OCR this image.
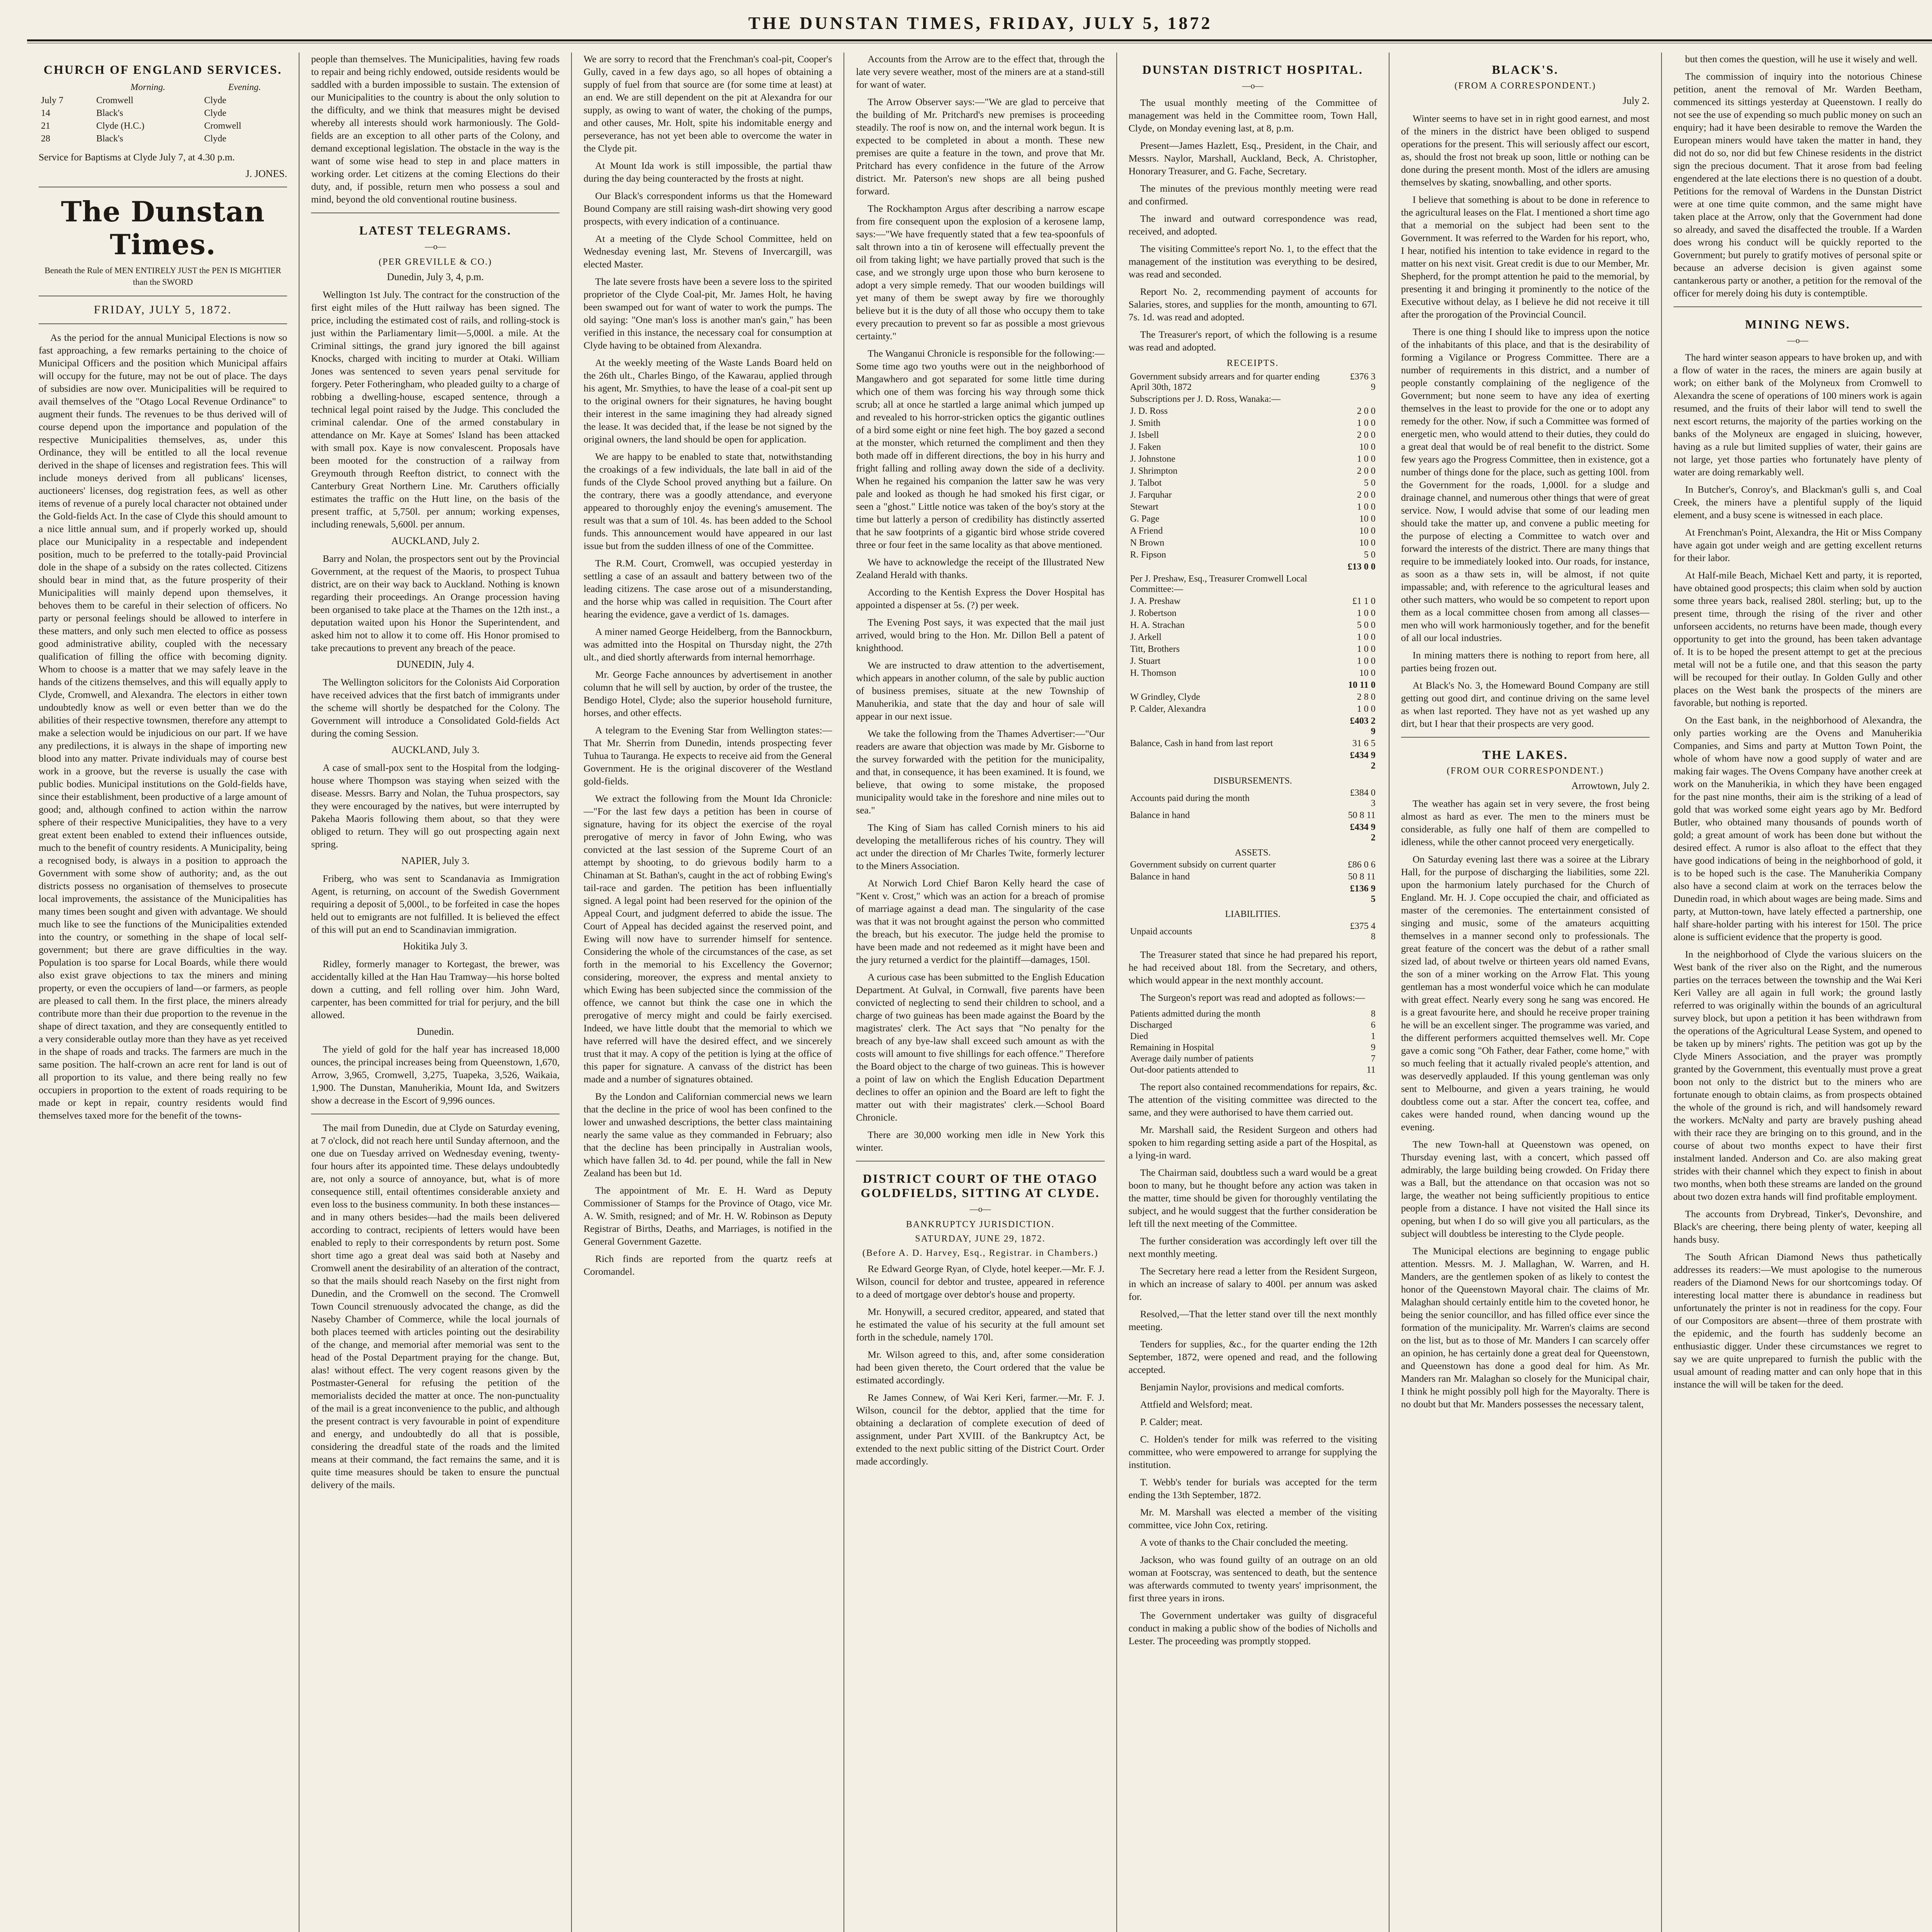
THE DUNSTAN TIMES, FRIDAY, JULY 5, 1872
CHURCH OF ENGLAND SERVICES.
	Morning.	Evening.
July 7	Cromwell	Clyde
14	Black's	Clyde
21	Clyde (H.C.)	Cromwell
28	Black's	Clyde

Service for Baptisms at Clyde July 7, at 4.30 p.m.

J. JONES.
The Dunstan Times.
Beneath the Rule of MEN ENTIRELY JUST the PEN IS MIGHTIER than the SWORD
FRIDAY, JULY 5, 1872.

As the period for the annual Municipal Elections is now so fast approaching, a few remarks pertaining to the choice of Municipal Officers and the position which Municipal affairs will occupy for the future, may not be out of place. The days of subsidies are now over. Municipalities will be required to avail themselves of the "Otago Local Revenue Ordinance" to augment their funds. The revenues to be thus derived will of course depend upon the importance and population of the respective Municipalities themselves, as, under this Ordinance, they will be entitled to all the local revenue derived in the shape of licenses and registration fees. This will include moneys derived from all publicans' licenses, auctioneers' licenses, dog registration fees, as well as other items of revenue of a purely local character not obtained under the Gold-fields Act. In the case of Clyde this should amount to a nice little annual sum, and if properly worked up, should place our Municipality in a respectable and independent position, much to be preferred to the totally-paid Provincial dole in the shape of a subsidy on the rates collected. Citizens should bear in mind that, as the future prosperity of their Municipalities will mainly depend upon themselves, it behoves them to be careful in their selection of officers. No party or personal feelings should be allowed to interfere in these matters, and only such men elected to office as possess good administrative ability, coupled with the necessary qualification of filling the office with becoming dignity. Whom to choose is a matter that we may safely leave in the hands of the citizens themselves, and this will equally apply to Clyde, Cromwell, and Alexandra. The electors in either town undoubtedly know as well or even better than we do the abilities of their respective townsmen, therefore any attempt to make a selection would be injudicious on our part. If we have any predilections, it is always in the shape of importing new blood into any matter. Private individuals may of course best work in a groove, but the reverse is usually the case with public bodies. Municipal institutions on the Gold-fields have, since their establishment, been productive of a large amount of good; and, although confined to action within the narrow sphere of their respective Municipalities, they have to a very great extent been enabled to extend their influences outside, much to the benefit of country residents. A Municipality, being a recognised body, is always in a position to approach the Government with some show of authority; and, as the out districts possess no organisation of themselves to prosecute local improvements, the assistance of the Municipalities has many times been sought and given with advantage. We should much like to see the functions of the Municipalities extended into the country, or something in the shape of local self-government; but there are grave difficulties in the way. Population is too sparse for Local Boards, while there would also exist grave objections to tax the miners and mining property, or even the occupiers of land—or farmers, as people are pleased to call them. In the first place, the miners already contribute more than their due proportion to the revenue in the shape of direct taxation, and they are consequently entitled to a very considerable outlay more than they have as yet received in the shape of roads and tracks. The farmers are much in the same position. The half-crown an acre rent for land is out of all proportion to its value, and there being really no few occupiers in proportion to the extent of roads requiring to be made or kept in repair, country residents would find themselves taxed more for the benefit of the towns-

people than themselves. The Municipalities, having few roads to repair and being richly endowed, outside residents would be saddled with a burden impossible to sustain. The extension of our Municipalities to the country is about the only solution to the difficulty, and we think that measures might be devised whereby all interests should work harmoniously. The Gold-fields are an exception to all other parts of the Colony, and demand exceptional legislation. The obstacle in the way is the want of some wise head to step in and place matters in working order. Let citizens at the coming Elections do their duty, and, if possible, return men who possess a soul and mind, beyond the old conventional routine business.

LATEST TELEGRAMS.
—o—
(PER GREVILLE & CO.)
Dunedin, July 3, 4, p.m.

Wellington 1st July. The contract for the construction of the first eight miles of the Hutt railway has been signed. The price, including the estimated cost of rails, and rolling-stock is just within the Parliamentary limit—5,000l. a mile. At the Criminal sittings, the grand jury ignored the bill against Knocks, charged with inciting to murder at Otaki. William Jones was sentenced to seven years penal servitude for forgery. Peter Fotheringham, who pleaded guilty to a charge of robbing a dwelling-house, escaped sentence, through a technical legal point raised by the Judge. This concluded the criminal calendar. One of the armed constabulary in attendance on Mr. Kaye at Somes' Island has been attacked with small pox. Kaye is now convalescent. Proposals have been mooted for the construction of a railway from Greymouth through Reefton district, to connect with the Canterbury Great Northern Line. Mr. Caruthers officially estimates the traffic on the Hutt line, on the basis of the present traffic, at 5,750l. per annum; working expenses, including renewals, 5,600l. per annum.

AUCKLAND, July 2.

Barry and Nolan, the prospectors sent out by the Provincial Government, at the request of the Maoris, to prospect Tuhua district, are on their way back to Auckland. Nothing is known regarding their proceedings. An Orange procession having been organised to take place at the Thames on the 12th inst., a deputation waited upon his Honor the Superintendent, and asked him not to allow it to come off. His Honor promised to take precautions to prevent any breach of the peace.

DUNEDIN, July 4.

The Wellington solicitors for the Colonists Aid Corporation have received advices that the first batch of immigrants under the scheme will shortly be despatched for the Colony. The Government will introduce a Consolidated Gold-fields Act during the coming Session.

AUCKLAND, July 3.

A case of small-pox sent to the Hospital from the lodging-house where Thompson was staying when seized with the disease. Messrs. Barry and Nolan, the Tuhua prospectors, say they were encouraged by the natives, but were interrupted by Pakeha Maoris following them about, so that they were obliged to return. They will go out prospecting again next spring.

NAPIER, July 3.

Friberg, who was sent to Scandanavia as Immigration Agent, is returning, on account of the Swedish Government requiring a deposit of 5,000l., to be forfeited in case the hopes held out to emigrants are not fulfilled. It is believed the effect of this will put an end to Scandinavian immigration.

Hokitika July 3.

Ridley, formerly manager to Kortegast, the brewer, was accidentally killed at the Han Hau Tramway—his horse bolted down a cutting, and fell rolling over him. John Ward, carpenter, has been committed for trial for perjury, and the bill allowed.

Dunedin.

The yield of gold for the half year has increased 18,000 ounces, the principal increases being from Queenstown, 1,670, Arrow, 3,965, Cromwell, 3,275, Tuapeka, 3,526, Waikaia, 1,900. The Dunstan, Manuherikia, Mount Ida, and Switzers show a decrease in the Escort of 9,996 ounces.

The mail from Dunedin, due at Clyde on Saturday evening, at 7 o'clock, did not reach here until Sunday afternoon, and the one due on Tuesday arrived on Wednesday evening, twenty-four hours after its appointed time. These delays undoubtedly are, not only a source of annoyance, but, what is of more consequence still, entail oftentimes considerable anxiety and even loss to the business community. In both these instances—and in many others besides—had the mails been delivered according to contract, recipients of letters would have been enabled to reply to their correspondents by return post. Some short time ago a great deal was said both at Naseby and Cromwell anent the desirability of an alteration of the contract, so that the mails should reach Naseby on the first night from Dunedin, and the Cromwell on the second. The Cromwell Town Council strenuously advocated the change, as did the Naseby Chamber of Commerce, while the local journals of both places teemed with articles pointing out the desirability of the change, and memorial after memorial was sent to the head of the Postal Department praying for the change. But, alas! without effect. The very cogent reasons given by the Postmaster-General for refusing the petition of the memorialists decided the matter at once. The non-punctuality of the mail is a great inconvenience to the public, and although the present contract is very favourable in point of expenditure and energy, and undoubtedly do all that is possible, considering the dreadful state of the roads and the limited means at their command, the fact remains the same, and it is quite time measures should be taken to ensure the punctual delivery of the mails.

We are sorry to record that the Frenchman's coal-pit, Cooper's Gully, caved in a few days ago, so all hopes of obtaining a supply of fuel from that source are (for some time at least) at an end. We are still dependent on the pit at Alexandra for our supply, as owing to want of water, the choking of the pumps, and other causes, Mr. Holt, spite his indomitable energy and perseverance, has not yet been able to overcome the water in the Clyde pit.

At Mount Ida work is still impossible, the partial thaw during the day being counteracted by the frosts at night.

Our Black's correspondent informs us that the Homeward Bound Company are still raising wash-dirt showing very good prospects, with every indication of a continuance.

At a meeting of the Clyde School Committee, held on Wednesday evening last, Mr. Stevens of Invercargill, was elected Master.

The late severe frosts have been a severe loss to the spirited proprietor of the Clyde Coal-pit, Mr. James Holt, he having been swamped out for want of water to work the pumps. The old saying: "One man's loss is another man's gain," has been verified in this instance, the necessary coal for consumption at Clyde having to be obtained from Alexandra.

At the weekly meeting of the Waste Lands Board held on the 26th ult., Charles Bingo, of the Kawarau, applied through his agent, Mr. Smythies, to have the lease of a coal-pit sent up to the original owners for their signatures, he having bought their interest in the same imagining they had already signed the lease. It was decided that, if the lease be not signed by the original owners, the land should be open for application.

We are happy to be enabled to state that, notwithstanding the croakings of a few individuals, the late ball in aid of the funds of the Clyde School proved anything but a failure. On the contrary, there was a goodly attendance, and everyone appeared to thoroughly enjoy the evening's amusement. The result was that a sum of 10l. 4s. has been added to the School funds. This announcement would have appeared in our last issue but from the sudden illness of one of the Committee.

The R.M. Court, Cromwell, was occupied yesterday in settling a case of an assault and battery between two of the leading citizens. The case arose out of a misunderstanding, and the horse whip was called in requisition. The Court after hearing the evidence, gave a verdict of 1s. damages.

A miner named George Heidelberg, from the Bannockburn, was admitted into the Hospital on Thursday night, the 27th ult., and died shortly afterwards from internal hemorrhage.

Mr. George Fache announces by advertisement in another column that he will sell by auction, by order of the trustee, the Bendigo Hotel, Clyde; also the superior household furniture, horses, and other effects.

A telegram to the Evening Star from Wellington states:—That Mr. Sherrin from Dunedin, intends prospecting fever Tuhua to Tauranga. He expects to receive aid from the General Government. He is the original discoverer of the Westland gold-fields.

We extract the following from the Mount Ida Chronicle:—"For the last few days a petition has been in course of signature, having for its object the exercise of the royal prerogative of mercy in favor of John Ewing, who was convicted at the last session of the Supreme Court of an attempt by shooting, to do grievous bodily harm to a Chinaman at St. Bathan's, caught in the act of robbing Ewing's tail-race and garden. The petition has been influentially signed. A legal point had been reserved for the opinion of the Appeal Court, and judgment deferred to abide the issue. The Court of Appeal has decided against the reserved point, and Ewing will now have to surrender himself for sentence. Considering the whole of the circumstances of the case, as set forth in the memorial to his Excellency the Governor; considering, moreover, the express and mental anxiety to which Ewing has been subjected since the commission of the offence, we cannot but think the case one in which the prerogative of mercy might and could be fairly exercised. Indeed, we have little doubt that the memorial to which we have referred will have the desired effect, and we sincerely trust that it may. A copy of the petition is lying at the office of this paper for signature. A canvass of the district has been made and a number of signatures obtained.

By the London and Californian commercial news we learn that the decline in the price of wool has been confined to the lower and unwashed descriptions, the better class maintaining nearly the same value as they commanded in February; also that the decline has been principally in Australian wools, which have fallen 3d. to 4d. per pound, while the fall in New Zealand has been but 1d.

The appointment of Mr. E. H. Ward as Deputy Commissioner of Stamps for the Province of Otago, vice Mr. A. W. Smith, resigned; and of Mr. H. W. Robinson as Deputy Registrar of Births, Deaths, and Marriages, is notified in the General Government Gazette.

Rich finds are reported from the quartz reefs at Coromandel.

Accounts from the Arrow are to the effect that, through the late very severe weather, most of the miners are at a stand-still for want of water.

The Arrow Observer says:—"We are glad to perceive that the building of Mr. Pritchard's new premises is proceeding steadily. The roof is now on, and the internal work begun. It is expected to be completed in about a month. These new premises are quite a feature in the town, and prove that Mr. Pritchard has every confidence in the future of the Arrow district. Mr. Paterson's new shops are all being pushed forward.

The Rockhampton Argus after describing a narrow escape from fire consequent upon the explosion of a kerosene lamp, says:—"We have frequently stated that a few tea-spoonfuls of salt thrown into a tin of kerosene will effectually prevent the oil from taking light; we have partially proved that such is the case, and we strongly urge upon those who burn kerosene to adopt a very simple remedy. That our wooden buildings will yet many of them be swept away by fire we thoroughly believe but it is the duty of all those who occupy them to take every precaution to prevent so far as possible a most grievous certainty."

The Wanganui Chronicle is responsible for the following:—Some time ago two youths were out in the neighborhood of Mangawhero and got separated for some little time during which one of them was forcing his way through some thick scrub; all at once he startled a large animal which jumped up and revealed to his horror-stricken optics the gigantic outlines of a bird some eight or nine feet high. The boy gazed a second at the monster, which returned the compliment and then they both made off in different directions, the boy in his hurry and fright falling and rolling away down the side of a declivity. When he regained his companion the latter saw he was very pale and looked as though he had smoked his first cigar, or seen a "ghost." Little notice was taken of the boy's story at the time but latterly a person of credibility has distinctly asserted that he saw footprints of a gigantic bird whose stride covered three or four feet in the same locality as that above mentioned.

We have to acknowledge the receipt of the Illustrated New Zealand Herald with thanks.

According to the Kentish Express the Dover Hospital has appointed a dispenser at 5s. (?) per week.

The Evening Post says, it was expected that the mail just arrived, would bring to the Hon. Mr. Dillon Bell a patent of knighthood.

We are instructed to draw attention to the advertisement, which appears in another column, of the sale by public auction of business premises, situate at the new Township of Manuherikia, and state that the day and hour of sale will appear in our next issue.

We take the following from the Thames Advertiser:—"Our readers are aware that objection was made by Mr. Gisborne to the survey forwarded with the petition for the municipality, and that, in consequence, it has been examined. It is found, we believe, that owing to some mistake, the proposed municipality would take in the foreshore and nine miles out to sea."

The King of Siam has called Cornish miners to his aid developing the metalliferous riches of his country. They will act under the direction of Mr Charles Twite, formerly lecturer to the Miners Association.

At Norwich Lord Chief Baron Kelly heard the case of "Kent v. Crost," which was an action for a breach of promise of marriage against a dead man. The singularity of the case was that it was not brought against the person who committed the breach, but his executor. The judge held the promise to have been made and not redeemed as it might have been and the jury returned a verdict for the plaintiff—damages, 150l.

A curious case has been submitted to the English Education Department. At Gulval, in Cornwall, five parents have been convicted of neglecting to send their children to school, and a charge of two guineas has been made against the Board by the magistrates' clerk. The Act says that "No penalty for the breach of any bye-law shall exceed such amount as with the costs will amount to five shillings for each offence." Therefore the Board object to the charge of two guineas. This is however a point of law on which the English Education Department declines to offer an opinion and the Board are left to fight the matter out with their magistrates' clerk.—School Board Chronicle.

There are 30,000 working men idle in New York this winter.

DISTRICT COURT OF THE OTAGO GOLDFIELDS, SITTING AT CLYDE.
—o—
BANKRUPTCY JURISDICTION.
SATURDAY, JUNE 29, 1872.
(Before A. D. Harvey, Esq., Registrar. in Chambers.)

Re Edward George Ryan, of Clyde, hotel keeper.—Mr. F. J. Wilson, council for debtor and trustee, appeared in reference to a deed of mortgage over debtor's house and property.

Mr. Honywill, a secured creditor, appeared, and stated that he estimated the value of his security at the full amount set forth in the schedule, namely 170l.

Mr. Wilson agreed to this, and, after some consideration had been given thereto, the Court ordered that the value be estimated accordingly.

Re James Connew, of Wai Keri Keri, farmer.—Mr. F. J. Wilson, council for the debtor, applied that the time for obtaining a declaration of complete execution of deed of assignment, under Part XVIII. of the Bankruptcy Act, be extended to the next public sitting of the District Court. Order made accordingly.

DUNSTAN DISTRICT HOSPITAL.
—o—

The usual monthly meeting of the Committee of management was held in the Committee room, Town Hall, Clyde, on Monday evening last, at 8, p.m.

Present—James Hazlett, Esq., President, in the Chair, and Messrs. Naylor, Marshall, Auckland, Beck, A. Christopher, Honorary Treasurer, and G. Fache, Secretary.

The minutes of the previous monthly meeting were read and confirmed.

The inward and outward correspondence was read, received, and adopted.

The visiting Committee's report No. 1, to the effect that the management of the institution was everything to be desired, was read and seconded.

Report No. 2, recommending payment of accounts for Salaries, stores, and supplies for the month, amounting to 67l. 7s. 1d. was read and adopted.

The Treasurer's report, of which the following is a resume was read and adopted.

RECEIPTS.
Government subsidy arrears and for quarter ending April 30th, 1872	£376 3 9
Subscriptions per J. D. Ross, Wanaka:—	
J. D. Ross	2 0 0
J. Smith	1 0 0
J. Isbell	2 0 0
J. Faken	10 0
J. Johnstone	1 0 0
J. Shrimpton	2 0 0
J. Talbot	5 0
J. Farquhar	2 0 0
Stewart	1 0 0
G. Page	10 0
A Friend	10 0
N Brown	10 0
R. Fipson	5 0
	£13 0 0
Per J. Preshaw, Esq., Treasurer Cromwell Local Committee:—	
J. A. Preshaw	£1 1 0
J. Robertson	1 0 0
H. A. Strachan	5 0 0
J. Arkell	1 0 0
Titt, Brothers	1 0 0
J. Stuart	1 0 0
H. Thomson	10 0
	10 11 0
W Grindley, Clyde	2 8 0
P. Calder, Alexandra	1 0 0
	£403 2 9
Balance, Cash in hand from last report	31 6 5
	£434 9 2
DISBURSEMENTS.	
Accounts paid during the month	£384 0 3
Balance in hand	50 8 11
	£434 9 2
ASSETS.	
Government subsidy on current quarter	£86 0 6
Balance in hand	50 8 11
	£136 9 5
LIABILITIES.	
Unpaid accounts	£375 4 8

The Treasurer stated that since he had prepared his report, he had received about 18l. from the Secretary, and others, which would appear in the next monthly account.

The Surgeon's report was read and adopted as follows:—

Patients admitted during the month	8
Discharged	6
Died	1
Remaining in Hospital	9
Average daily number of patients	7
Out-door patients attended to	11

The report also contained recommendations for repairs, &c. The attention of the visiting committee was directed to the same, and they were authorised to have them carried out.

Mr. Marshall said, the Resident Surgeon and others had spoken to him regarding setting aside a part of the Hospital, as a lying-in ward.

The Chairman said, doubtless such a ward would be a great boon to many, but he thought before any action was taken in the matter, time should be given for thoroughly ventilating the subject, and he would suggest that the further consideration be left till the next meeting of the Committee.

The further consideration was accordingly left over till the next monthly meeting.

The Secretary here read a letter from the Resident Surgeon, in which an increase of salary to 400l. per annum was asked for.

Resolved,—That the letter stand over till the next monthly meeting.

Tenders for supplies, &c., for the quarter ending the 12th September, 1872, were opened and read, and the following accepted.

Benjamin Naylor, provisions and medical comforts.

Attfield and Welsford; meat.

P. Calder; meat.

C. Holden's tender for milk was referred to the visiting committee, who were empowered to arrange for supplying the institution.

T. Webb's tender for burials was accepted for the term ending the 13th September, 1872.

Mr. M. Marshall was elected a member of the visiting committee, vice John Cox, retiring.

A vote of thanks to the Chair concluded the meeting.

Jackson, who was found guilty of an outrage on an old woman at Footscray, was sentenced to death, but the sentence was afterwards commuted to twenty years' imprisonment, the first three years in irons.

The Government undertaker was guilty of disgraceful conduct in making a public show of the bodies of Nicholls and Lester. The proceeding was promptly stopped.

BLACK'S.
(FROM A CORRESPONDENT.)
July 2.

Winter seems to have set in in right good earnest, and most of the miners in the district have been obliged to suspend operations for the present. This will seriously affect our escort, as, should the frost not break up soon, little or nothing can be done during the present month. Most of the idlers are amusing themselves by skating, snowballing, and other sports.

I believe that something is about to be done in reference to the agricultural leases on the Flat. I mentioned a short time ago that a memorial on the subject had been sent to the Government. It was referred to the Warden for his report, who, I hear, notified his intention to take evidence in regard to the matter on his next visit. Great credit is due to our Member, Mr. Shepherd, for the prompt attention he paid to the memorial, by presenting it and bringing it prominently to the notice of the Executive without delay, as I believe he did not receive it till after the prorogation of the Provincial Council.

There is one thing I should like to impress upon the notice of the inhabitants of this place, and that is the desirability of forming a Vigilance or Progress Committee. There are a number of requirements in this district, and a number of people constantly complaining of the negligence of the Government; but none seem to have any idea of exerting themselves in the least to provide for the one or to adopt any remedy for the other. Now, if such a Committee was formed of energetic men, who would attend to their duties, they could do a great deal that would be of real benefit to the district. Some few years ago the Progress Committee, then in existence, got a number of things done for the place, such as getting 100l. from the Government for the roads, 1,000l. for a sludge and drainage channel, and numerous other things that were of great service. Now, I would advise that some of our leading men should take the matter up, and convene a public meeting for the purpose of electing a Committee to watch over and forward the interests of the district. There are many things that require to be immediately looked into. Our roads, for instance, as soon as a thaw sets in, will be almost, if not quite impassable; and, with reference to the agricultural leases and other such matters, who would be so competent to report upon them as a local committee chosen from among all classes—men who will work harmoniously together, and for the benefit of all our local industries.

In mining matters there is nothing to report from here, all parties being frozen out.

At Black's No. 3, the Homeward Bound Company are still getting out good dirt, and continue driving on the same level as when last reported. They have not as yet washed up any dirt, but I hear that their prospects are very good.

THE LAKES.
(FROM OUR CORRESPONDENT.)
Arrowtown, July 2.

The weather has again set in very severe, the frost being almost as hard as ever. The men to the miners must be considerable, as fully one half of them are compelled to idleness, while the other cannot proceed very energetically.

On Saturday evening last there was a soiree at the Library Hall, for the purpose of discharging the liabilities, some 22l. upon the harmonium lately purchased for the Church of England. Mr. H. J. Cope occupied the chair, and officiated as master of the ceremonies. The entertainment consisted of singing and music, some of the amateurs acquitting themselves in a manner second only to professionals. The great feature of the concert was the debut of a rather small sized lad, of about twelve or thirteen years old named Evans, the son of a miner working on the Arrow Flat. This young gentleman has a most wonderful voice which he can modulate with great effect. Nearly every song he sang was encored. He is a great favourite here, and should he receive proper training he will be an excellent singer. The programme was varied, and the different performers acquitted themselves well. Mr. Cope gave a comic song "Oh Father, dear Father, come home," with so much feeling that it actually rivaled people's attention, and was deservedly applauded. If this young gentleman was only sent to Melbourne, and given a years training, he would doubtless come out a star. After the concert tea, coffee, and cakes were handed round, when dancing wound up the evening.

The new Town-hall at Queenstown was opened, on Thursday evening last, with a concert, which passed off admirably, the large building being crowded. On Friday there was a Ball, but the attendance on that occasion was not so large, the weather not being sufficiently propitious to entice people from a distance. I have not visited the Hall since its opening, but when I do so will give you all particulars, as the subject will doubtless be interesting to the Clyde people.

The Municipal elections are beginning to engage public attention. Messrs. M. J. Mallaghan, W. Warren, and H. Manders, are the gentlemen spoken of as likely to contest the honor of the Queenstown Mayoral chair. The claims of Mr. Malaghan should certainly entitle him to the coveted honor, he being the senior councillor, and has filled office ever since the formation of the municipality. Mr. Warren's claims are second on the list, but as to those of Mr. Manders I can scarcely offer an opinion, he has certainly done a great deal for Queenstown, and Queenstown has done a good deal for him. As Mr. Manders ran Mr. Malaghan so closely for the Municipal chair, I think he might possibly poll high for the Mayoralty. There is no doubt but that Mr. Manders possesses the necessary talent,

but then comes the question, will he use it wisely and well.

The commission of inquiry into the notorious Chinese petition, anent the removal of Mr. Warden Beetham, commenced its sittings yesterday at Queenstown. I really do not see the use of expending so much public money on such an enquiry; had it have been desirable to remove the Warden the European miners would have taken the matter in hand, they did not do so, nor did but few Chinese residents in the district sign the precious document. That it arose from bad feeling engendered at the late elections there is no question of a doubt. Petitions for the removal of Wardens in the Dunstan District were at one time quite common, and the same might have taken place at the Arrow, only that the Government had done so already, and saved the disaffected the trouble. If a Warden does wrong his conduct will be quickly reported to the Government; but purely to gratify motives of personal spite or because an adverse decision is given against some cantankerous party or another, a petition for the removal of the officer for merely doing his duty is contemptible.

MINING NEWS.
—o—

The hard winter season appears to have broken up, and with a flow of water in the races, the miners are again busily at work; on either bank of the Molyneux from Cromwell to Alexandra the scene of operations of 100 miners work is again resumed, and the fruits of their labor will tend to swell the next escort returns, the majority of the parties working on the banks of the Molyneux are engaged in sluicing, however, having as a rule but limited supplies of water, their gains are not large, yet those parties who fortunately have plenty of water are doing remarkably well.

In Butcher's, Conroy's, and Blackman's gulli s, and Coal Creek, the miners have a plentiful supply of the liquid element, and a busy scene is witnessed in each place.

At Frenchman's Point, Alexandra, the Hit or Miss Company have again got under weigh and are getting excellent returns for their labor.

At Half-mile Beach, Michael Kett and party, it is reported, have obtained good prospects; this claim when sold by auction some three years back, realised 280l. sterling; but, up to the present time, through the rising of the river and other unforseen accidents, no returns have been made, though every opportunity to get into the ground, has been taken advantage of. It is to be hoped the present attempt to get at the precious metal will not be a futile one, and that this season the party will be recouped for their outlay. In Golden Gully and other places on the West bank the prospects of the miners are favorable, but nothing is reported.

On the East bank, in the neighborhood of Alexandra, the only parties working are the Ovens and Manuherikia Companies, and Sims and party at Mutton Town Point, the whole of whom have now a good supply of water and are making fair wages. The Ovens Company have another creek at work on the Manuherikia, in which they have been engaged for the past nine months, their aim is the striking of a lead of gold that was worked some eight years ago by Mr. Bedford Butler, who obtained many thousands of pounds worth of gold; a great amount of work has been done but without the desired effect. A rumor is also afloat to the effect that they have good indications of being in the neighborhood of gold, it is to be hoped such is the case. The Manuherikia Company also have a second claim at work on the terraces below the Dunedin road, in which about wages are being made. Sims and party, at Mutton-town, have lately effected a partnership, one half share-holder parting with his interest for 150l. The price alone is sufficient evidence that the property is good.

In the neighborhood of Clyde the various sluicers on the West bank of the river also on the Right, and the numerous parties on the terraces between the township and the Wai Keri Keri Valley are all again in full work; the ground lastly referred to was originally within the bounds of an agricultural survey block, but upon a petition it has been withdrawn from the operations of the Agricultural Lease System, and opened to be taken up by miners' rights. The petition was got up by the Clyde Miners Association, and the prayer was promptly granted by the Government, this eventually must prove a great boon not only to the district but to the miners who are fortunate enough to obtain claims, as from prospects obtained the whole of the ground is rich, and will handsomely reward the workers. McNalty and party are bravely pushing ahead with their race they are bringing on to this ground, and in the course of about two months expect to have their first instalment landed. Anderson and Co. are also making great strides with their channel which they expect to finish in about two months, when both these streams are landed on the ground about two dozen extra hands will find profitable employment.

The accounts from Drybread, Tinker's, Devonshire, and Black's are cheering, there being plenty of water, keeping all hands busy.

The South African Diamond News thus pathetically addresses its readers:—We must apologise to the numerous readers of the Diamond News for our shortcomings today. Of interesting local matter there is abundance in readiness but unfortunately the printer is not in readiness for the copy. Four of our Compositors are absent—three of them prostrate with the epidemic, and the fourth has suddenly become an enthusiastic digger. Under these circumstances we regret to say we are quite unprepared to furnish the public with the usual amount of reading matter and can only hope that in this instance the will will be taken for the deed.
